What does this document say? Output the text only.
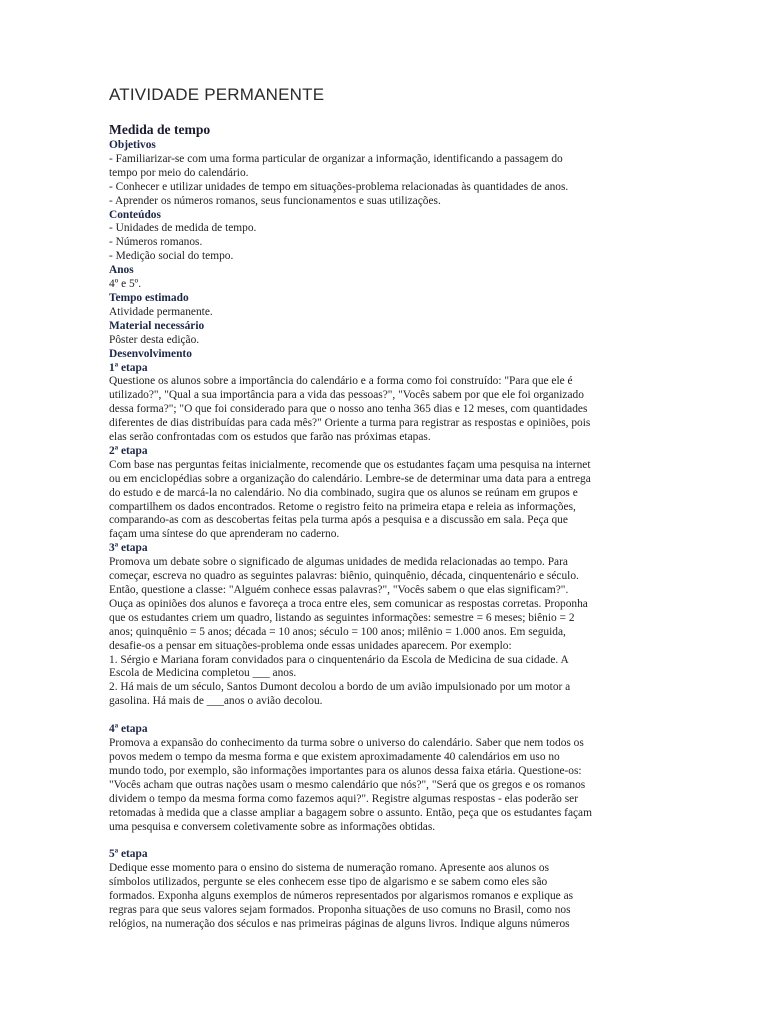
ATIVIDADE PERMANENTE
Medida de tempo
Objetivos
- Familiarizar-se com uma forma particular de organizar a informação, identificando a passagem do
tempo por meio do calendário.
- Conhecer e utilizar unidades de tempo em situações-problema relacionadas às quantidades de anos.
- Aprender os números romanos, seus funcionamentos e suas utilizações.
Conteúdos
- Unidades de medida de tempo.
- Números romanos.
- Medição social do tempo.
Anos
4º e 5º.
Tempo estimado
Atividade permanente.
Material necessário
Pôster desta edição.
Desenvolvimento
1ª etapa
Questione os alunos sobre a importância do calendário e a forma como foi construído: "Para que ele é
utilizado?", "Qual a sua importância para a vida das pessoas?", "Vocês sabem por que ele foi organizado
dessa forma?"; "O que foi considerado para que o nosso ano tenha 365 dias e 12 meses, com quantidades
diferentes de dias distribuídas para cada mês?" Oriente a turma para registrar as respostas e opiniões, pois
elas serão confrontadas com os estudos que farão nas próximas etapas.
2ª etapa
Com base nas perguntas feitas inicialmente, recomende que os estudantes façam uma pesquisa na internet
ou em enciclopédias sobre a organização do calendário. Lembre-se de determinar uma data para a entrega
do estudo e de marcá-la no calendário. No dia combinado, sugira que os alunos se reúnam em grupos e
compartilhem os dados encontrados. Retome o registro feito na primeira etapa e releia as informações,
comparando-as com as descobertas feitas pela turma após a pesquisa e a discussão em sala. Peça que
façam uma síntese do que aprenderam no caderno.
3ª etapa
Promova um debate sobre o significado de algumas unidades de medida relacionadas ao tempo. Para
começar, escreva no quadro as seguintes palavras: biênio, quinquênio, década, cinquentenário e século.
Então, questione a classe: "Alguém conhece essas palavras?", "Vocês sabem o que elas significam?".
Ouça as opiniões dos alunos e favoreça a troca entre eles, sem comunicar as respostas corretas. Proponha
que os estudantes criem um quadro, listando as seguintes informações: semestre = 6 meses; biênio = 2
anos; quinquênio = 5 anos; década = 10 anos; século = 100 anos; milênio = 1.000 anos. Em seguida,
desafie-os a pensar em situações-problema onde essas unidades aparecem. Por exemplo:
1. Sérgio e Mariana foram convidados para o cinquentenário da Escola de Medicina de sua cidade. A
Escola de Medicina completou ___ anos.
2. Há mais de um século, Santos Dumont decolou a bordo de um avião impulsionado por um motor a
gasolina. Há mais de ___anos o avião decolou.
4ª etapa
Promova a expansão do conhecimento da turma sobre o universo do calendário. Saber que nem todos os
povos medem o tempo da mesma forma e que existem aproximadamente 40 calendários em uso no
mundo todo, por exemplo, são informações importantes para os alunos dessa faixa etária. Questione-os:
"Vocês acham que outras nações usam o mesmo calendário que nós?", "Será que os gregos e os romanos
dividem o tempo da mesma forma como fazemos aqui?". Registre algumas respostas - elas poderão ser
retomadas à medida que a classe ampliar a bagagem sobre o assunto. Então, peça que os estudantes façam
uma pesquisa e conversem coletivamente sobre as informações obtidas.
5ª etapa
Dedique esse momento para o ensino do sistema de numeração romano. Apresente aos alunos os
símbolos utilizados, pergunte se eles conhecem esse tipo de algarismo e se sabem como eles são
formados. Exponha alguns exemplos de números representados por algarismos romanos e explique as
regras para que seus valores sejam formados. Proponha situações de uso comuns no Brasil, como nos
relógios, na numeração dos séculos e nas primeiras páginas de alguns livros. Indique alguns números
